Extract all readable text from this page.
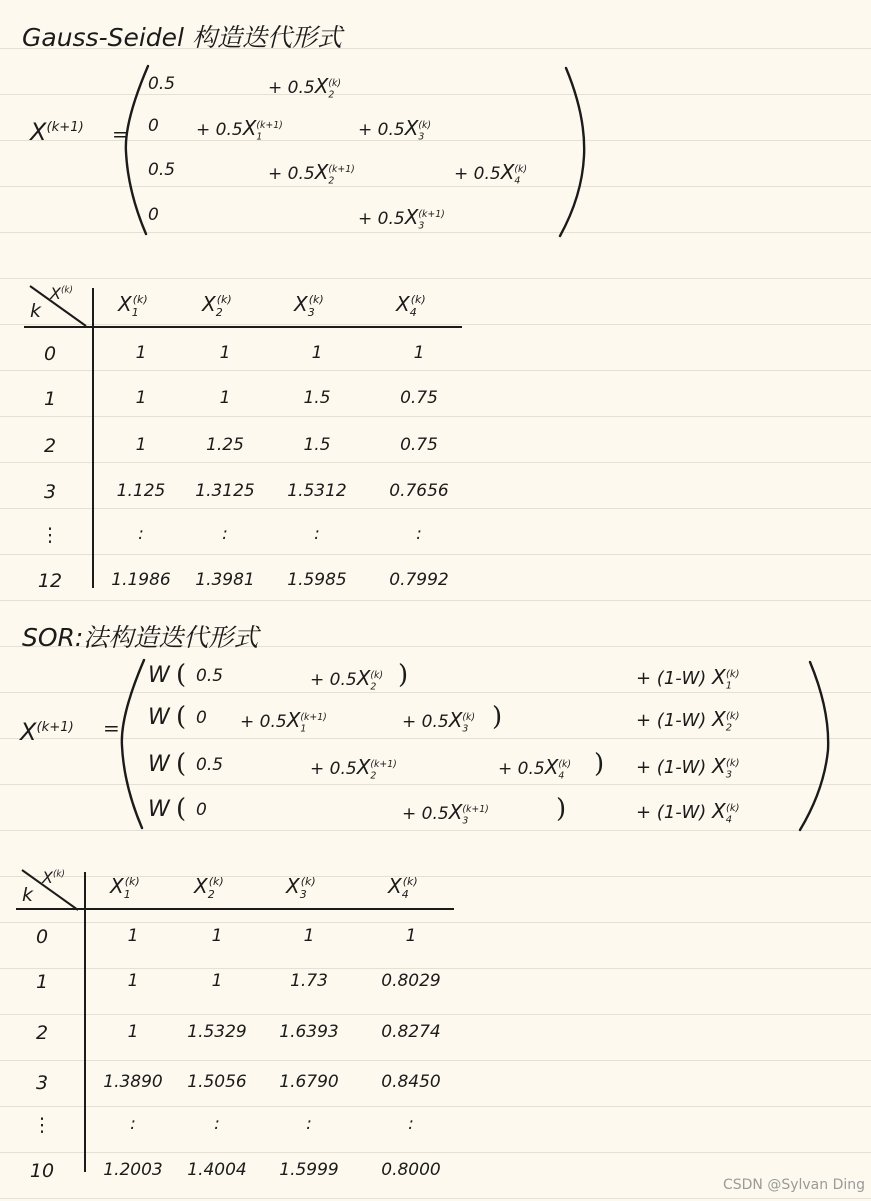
Gauss-Seidel 构造迭代形式
$X^{(k+1)}$ =
0.5	+ $0.5X_2^{(k)}$
$0 + 0.5X_1^{(k+1)}$	+ $0.5X_3^{(k)}$
0.5	+ $0.5X_2^{(k+1)}$	+ $0.5X_4^{(k)}$
0	+ $0.5X_3^{(k+1)}$
k
$X^{(k)}$
$X_1^{(k)}$	$X_2^{(k)}$	$X_3^{(k)}$	$X_4^{(k)}$
0	1	1	1	1
1	1	1	1.5	0.75
2	1	1.25	1.5	0.75
3	1.125	1.3125	1.5312	0.7656
⋮	:	:	:	:
12	1.1986	1.3981	1.5985	0.7992
SOR:法构造迭代形式
$X^{(k+1)}$ =
W ( 0.5	+ $0.5X_2^{(k)}$ )	+ (1-W) $X_1^{(k)}$
W ( $0 + 0.5X_1^{(k+1)}$	+ $0.5X_3^{(k)}$ )	+ (1-W) $X_2^{(k)}$
W ( 0.5	+ $0.5X_2^{(k+1)}$	+ $0.5X_4^{(k)}$ ) + (1-W) $X_3^{(k)}$
W ( 0	+ $0.5X_3^{(k+1)}$	)	+ (1-W) $X_4^{(k)}$
k
$X^{(k)}$ $X_1^{(k)}$	$X_2^{(k)}$	$X_3^{(k)}$	$X_4^{(k)}$
0	1	1	1	1
1	1	1	1.73	0.8029
2	1	1.5329	1.6393	0.8274
3	1.3890	1.5056	1.6790	0.8450
⋮	:	:	:	:
10	1.2003	1.4004	1.5999	0.8000
CSDN @Sylvan Ding
